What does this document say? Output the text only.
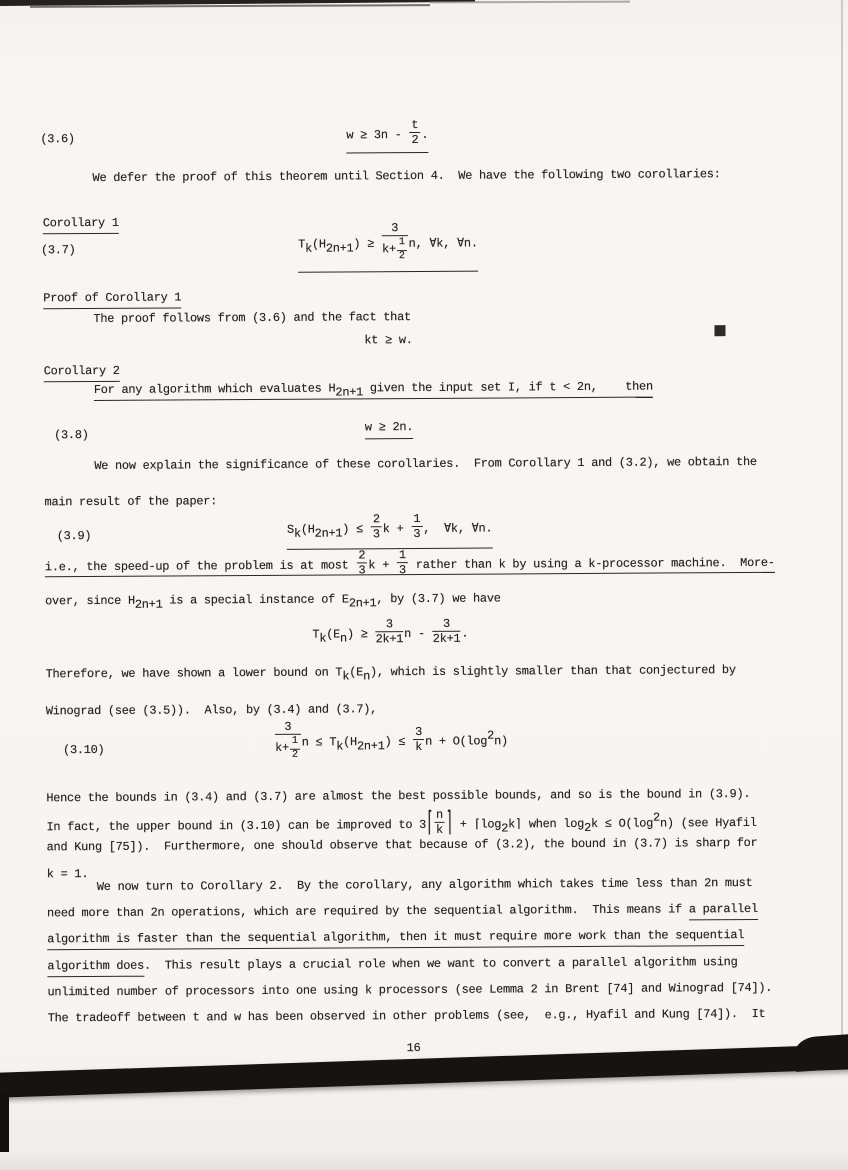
16

(3.6)	$w \ge 3n - \frac{t}{2}$ .
We defer the proof of this theorem until Section 4.  We have the following two corollaries:
Corollary 1
(3.7)	$Tk(H2n+1) \ge \frac{3}{k+ \frac{1}{2}} n$, ∀k, ∀n.
Proof of Corollary 1
The proof follows from (3.6) and the fact that
kt ≥ w.
Corollary 2
For any algorithm which evaluates H2n+1 given the input set I, if t < 2n,    then
(3.8)
w ≥ 2n.
We now explain the significance of these corollaries.  From Corollary 1 and (3.2), we obtain the
main result of the paper:
(3.9)	$Sk(H2n+1) \le \frac{2}{3}$ $k + \frac{1}{3}$ ,  ∀k, ∀n.
i.e., the speed-up of the problem is at most $\frac{2}{3}$ $k + \frac{1}{3}$ rather than k by using a k-processor machine.  More-
over, since H2n+1 is a special instance of E2n+1, by (3.7) we have
$Tk(En) \ge \frac{3}{2k+1}$ n - $\frac{3}{2k+1}$ .
Therefore, we have shown a lower bound on Tk(En), which is slightly smaller than that conjectured by
Winograd (see (3.5)).  Also, by (3.4) and (3.7),
(3.10)	$\frac{3}{k+ \frac{1}{2}}$ $n \le Tk(H2n+1) \le \frac{3}{k}$ n + O(log2n)
Hence the bounds in (3.4) and (3.7) are almost the best possible bounds, and so is the bound in (3.9).
In fact, the upper bound in (3.10) can be improved to 3⌈ $\frac{n}{k}$ ⌉ + ⌈log2k⌉ when log2k ≤ O(log2n) (see Hyafil
and Kung [75]).  Furthermore, one should observe that because of (3.2), the bound in (3.7) is sharp for
k = 1.
We now turn to Corollary 2.  By the corollary, any algorithm which takes time less than 2n must
need more than 2n operations, which are required by the sequential algorithm.  This means if a parallel
algorithm is faster than the sequential algorithm, then it must require more work than the sequential
algorithm does.  This result plays a crucial role when we want to convert a parallel algorithm using
unlimited number of processors into one using k processors (see Lemma 2 in Brent [74] and Winograd [74]).
The tradeoff between t and w has been observed in other problems (see,  e.g., Hyafil and Kung [74]).  It
